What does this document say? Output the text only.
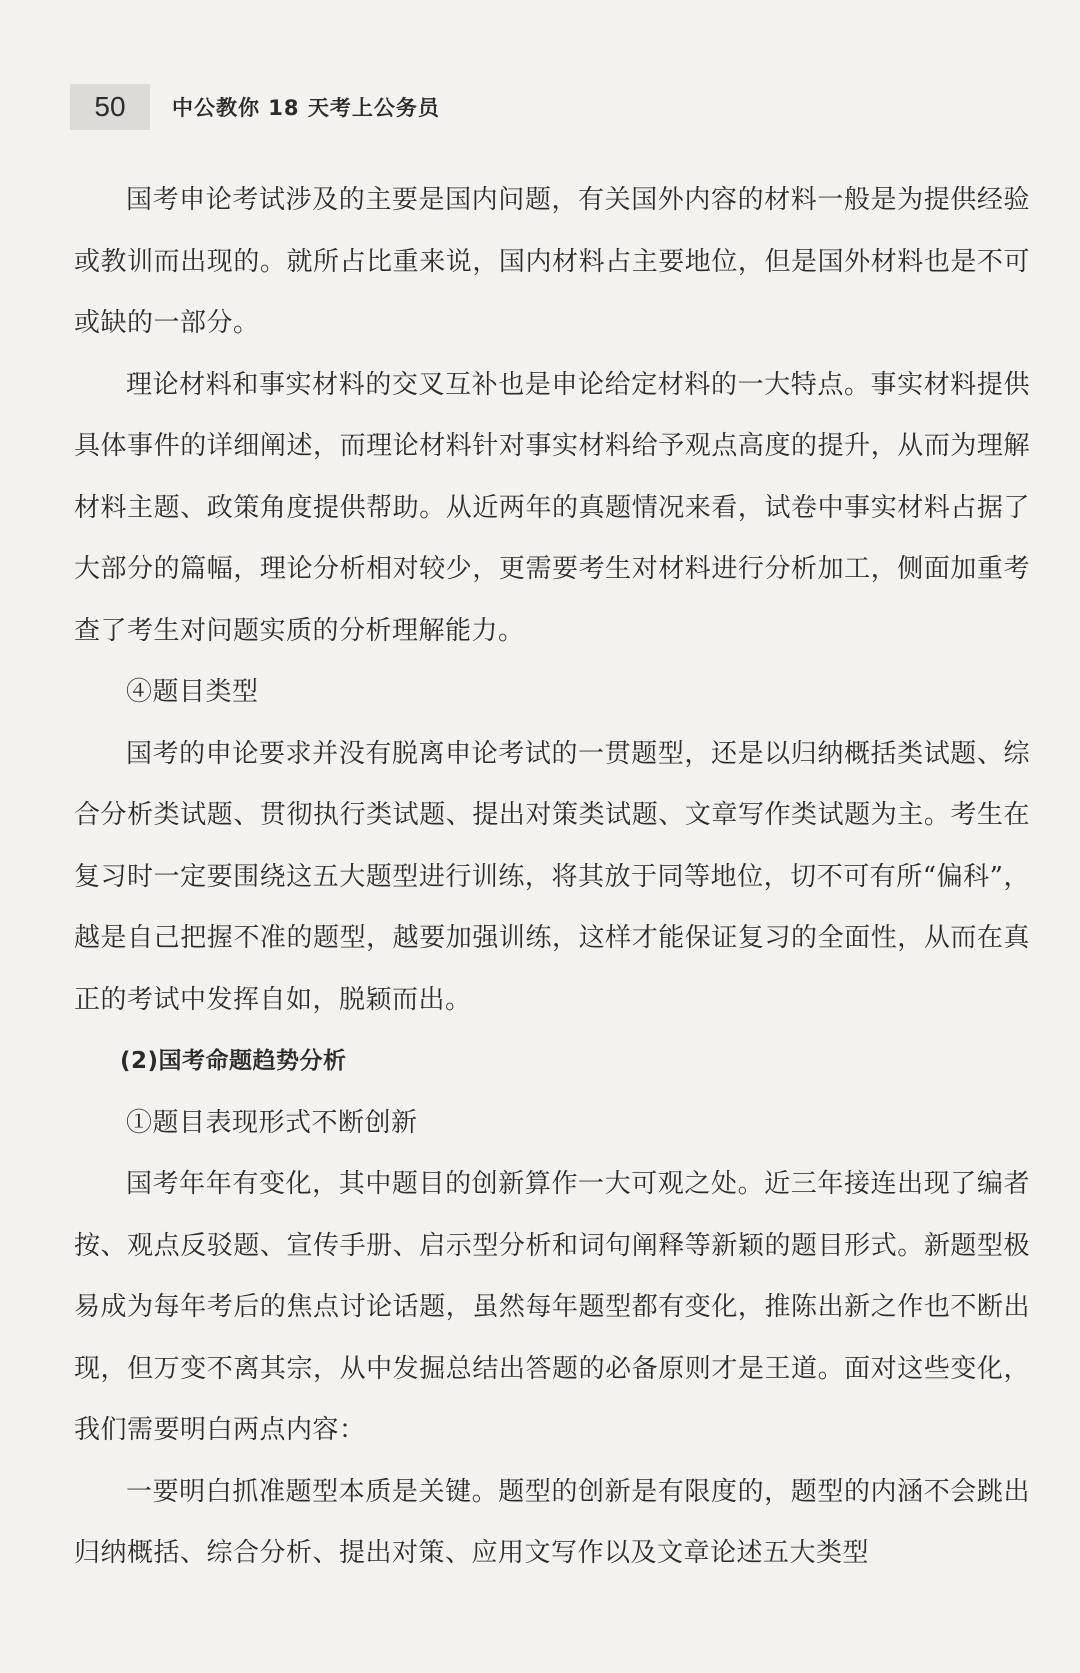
50	中公教你 18 天考上公务员

国考申论考试涉及的主要是国内问题，有关国外内容的材料一般是为提供经验或教训而出现的。就所占比重来说，国内材料占主要地位，但是国外材料也是不可或缺的一部分。

理论材料和事实材料的交叉互补也是申论给定材料的一大特点。事实材料提供具体事件的详细阐述，而理论材料针对事实材料给予观点高度的提升，从而为理解材料主题、政策角度提供帮助。从近两年的真题情况来看，试卷中事实材料占据了大部分的篇幅，理论分析相对较少，更需要考生对材料进行分析加工，侧面加重考查了考生对问题实质的分析理解能力。

④题目类型

国考的申论要求并没有脱离申论考试的一贯题型，还是以归纳概括类试题、综合分析类试题、贯彻执行类试题、提出对策类试题、文章写作类试题为主。考生在复习时一定要围绕这五大题型进行训练，将其放于同等地位，切不可有所“偏科”，越是自己把握不准的题型，越要加强训练，这样才能保证复习的全面性，从而在真正的考试中发挥自如，脱颖而出。

(2)国考命题趋势分析

①题目表现形式不断创新

国考年年有变化，其中题目的创新算作一大可观之处。近三年接连出现了编者按、观点反驳题、宣传手册、启示型分析和词句阐释等新颖的题目形式。新题型极易成为每年考后的焦点讨论话题，虽然每年题型都有变化，推陈出新之作也不断出现，但万变不离其宗，从中发掘总结出答题的必备原则才是王道。面对这些变化，我们需要明白两点内容：

一要明白抓准题型本质是关键。题型的创新是有限度的，题型的内涵不会跳出归纳概括、综合分析、提出对策、应用文写作以及文章论述五大类型
